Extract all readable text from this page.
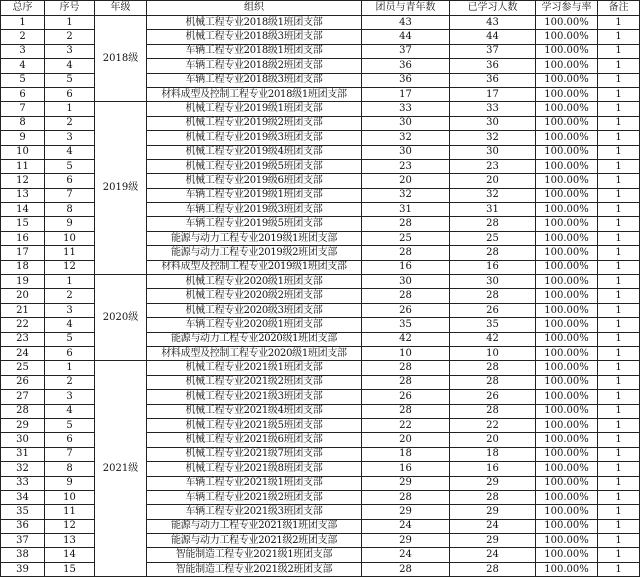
总序	序号	年级	组织	团员与青年数	已学习人数	学习参与率	备注
1	1	2018级	机械工程专业2018级1班团支部	43	43	100.00%	1
2	2		机械工程专业2018级3班团支部	44	44	100.00%	1
3	3		车辆工程专业2018级1班团支部	37	37	100.00%	1
4	4		车辆工程专业2018级2班团支部	36	36	100.00%	1
5	5		车辆工程专业2018级3班团支部	36	36	100.00%	1
6	6		材料成型及控制工程专业2018级1班团支部	17	17	100.00%	1
7	1	2019级	机械工程专业2019级1班团支部	33	33	100.00%	1
8	2		机械工程专业2019级2班团支部	30	30	100.00%	1
9	3		机械工程专业2019级3班团支部	32	32	100.00%	1
10	4		机械工程专业2019级4班团支部	30	30	100.00%	1
11	5		机械工程专业2019级5班团支部	23	23	100.00%	1
12	6		机械工程专业2019级6班团支部	20	20	100.00%	1
13	7		车辆工程专业2019级1班团支部	32	32	100.00%	1
14	8		车辆工程专业2019级3班团支部	31	31	100.00%	1
15	9		车辆工程专业2019级5班团支部	28	28	100.00%	1
16	10		能源与动力工程专业2019级1班团支部	25	25	100.00%	1
17	11		能源与动力工程专业2019级2班团支部	28	28	100.00%	1
18	12		材料成型及控制工程专业2019级1班团支部	16	16	100.00%	1
19	1	2020级	机械工程专业2020级1班团支部	30	30	100.00%	1
20	2		机械工程专业2020级2班团支部	28	28	100.00%	1
21	3		机械工程专业2020级3班团支部	26	26	100.00%	1
22	4		车辆工程专业2020级1班团支部	35	35	100.00%	1
23	5		能源与动力工程专业2020级1班团支部	42	42	100.00%	1
24	6		材料成型及控制工程专业2020级1班团支部	10	10	100.00%	1
25	1	2021级	机械工程专业2021级1班团支部	28	28	100.00%	1
26	2		机械工程专业2021级2班团支部	28	28	100.00%	1
27	3		机械工程专业2021级3班团支部	26	26	100.00%	1
28	4		机械工程专业2021级4班团支部	28	28	100.00%	1
29	5		机械工程专业2021级5班团支部	22	22	100.00%	1
30	6		机械工程专业2021级6班团支部	20	20	100.00%	1
31	7		机械工程专业2021级7班团支部	18	18	100.00%	1
32	8		机械工程专业2021级8班团支部	16	16	100.00%	1
33	9		车辆工程专业2021级1班团支部	29	29	100.00%	1
34	10		车辆工程专业2021级2班团支部	28	28	100.00%	1
35	11		车辆工程专业2021级3班团支部	29	29	100.00%	1
36	12		能源与动力工程专业2021级1班团支部	24	24	100.00%	1
37	13		能源与动力工程专业2021级2班团支部	29	29	100.00%	1
38	14		智能制造工程专业2021级1班团支部	24	24	100.00%	1
39	15		智能制造工程专业2021级2班团支部	28	28	100.00%	1
